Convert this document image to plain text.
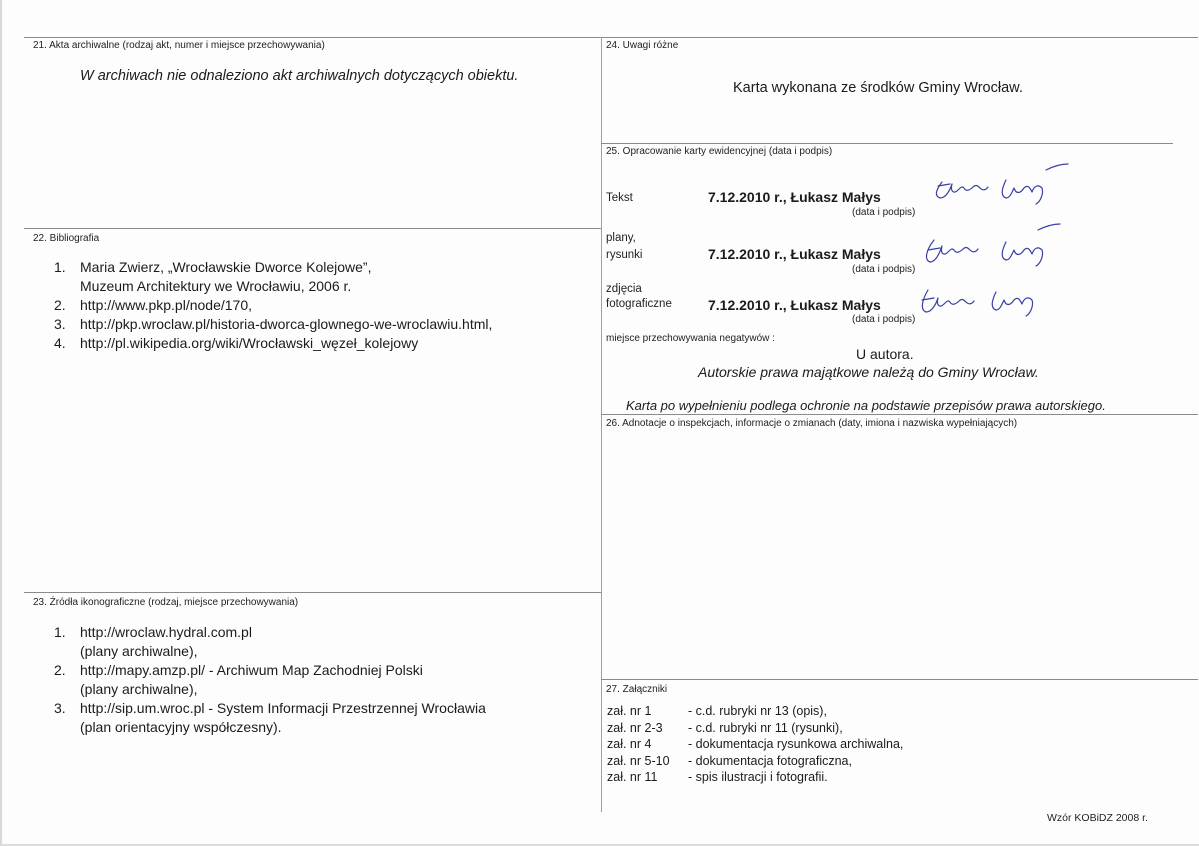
21. Akta archiwalne (rodzaj akt, numer i miejsce przechowywania)
W archiwach nie odnaleziono akt archiwalnych dotyczących obiektu.
22. Bibliografia
1. Maria Zwierz, „Wrocławskie Dworce Kolejowe”,
Muzeum Architektury we Wrocławiu, 2006 r.
2. http://www.pkp.pl/node/170,
3. http://pkp.wroclaw.pl/historia-dworca-glownego-we-wroclawiu.html,
4. http://pl.wikipedia.org/wiki/Wrocławski_węzeł_kolejowy
23. Źródła ikonograficzne (rodzaj, miejsce przechowywania)
1. http://wroclaw.hydral.com.pl
(plany archiwalne),
2. http://mapy.amzp.pl/ - Archiwum Map Zachodniej Polski
(plany archiwalne),
3. http://sip.um.wroc.pl - System Informacji Przestrzennej Wrocławia
(plan orientacyjny współczesny).
24. Uwagi różne
Karta wykonana ze środków Gminy Wrocław.
25. Opracowanie karty ewidencyjnej (data i podpis)
Tekst	7.12.2010 r., Łukasz Małys
(data i podpis)
plany,
rysunki	7.12.2010 r., Łukasz Małys
(data i podpis)
zdjęcia
fotograficzne	7.12.2010 r., Łukasz Małys
(data i podpis)
miejsce przechowywania negatywów :
U autora.
Autorskie prawa majątkowe należą do Gminy Wrocław.
Karta po wypełnieniu podlega ochronie na podstawie przepisów prawa autorskiego.
26. Adnotacje o inspekcjach, informacje o zmianach (daty, imiona i nazwiska wypełniających)
27. Załączniki
zał. nr 1	- c.d. rubryki nr 13 (opis),
zał. nr 2-3	- c.d. rubryki nr 11 (rysunki),
zał. nr 4	- dokumentacja rysunkowa archiwalna,
zał. nr 5-10	- dokumentacja fotograficzna,
zał. nr 11	- spis ilustracji i fotografii.
Wzór KOBiDZ 2008 r.
